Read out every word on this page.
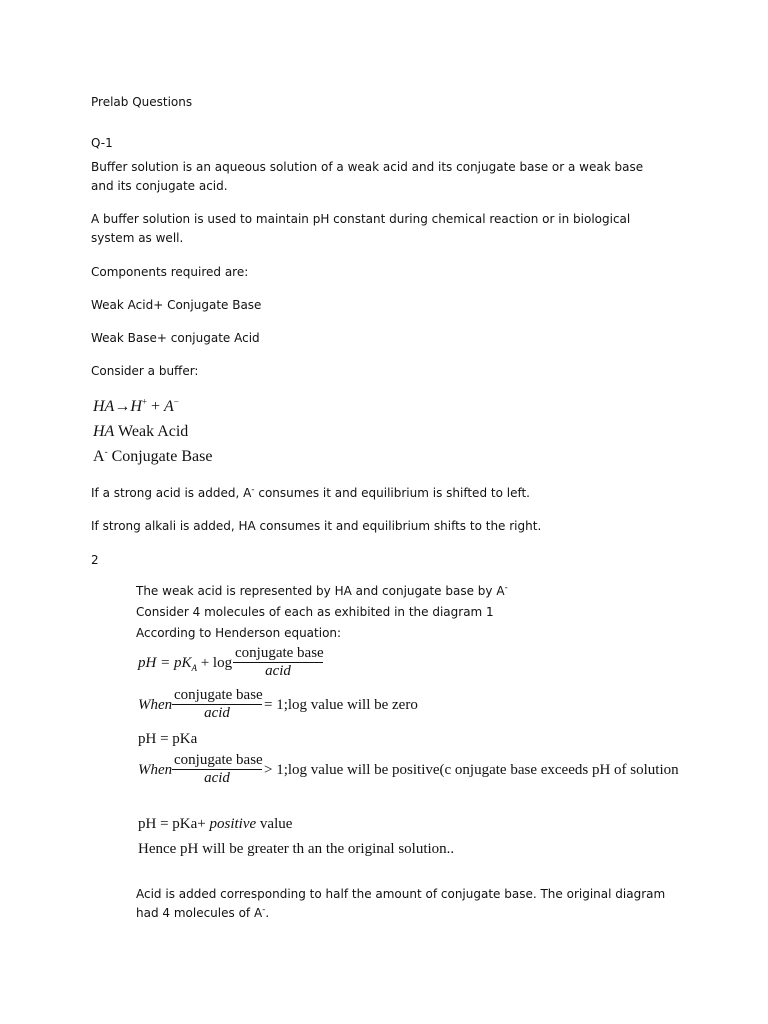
Prelab Questions
Q-1
Buffer solution is an aqueous solution of a weak acid and its conjugate base or a weak base and its conjugate acid.
A buffer solution is used to maintain pH constant during chemical reaction or in biological system as well.
Components required are:
Weak Acid+ Conjugate Base
Weak Base+ conjugate Acid
Consider a buffer:
HA→H+ + A−
HA Weak Acid
A- Conjugate Base
If a strong acid is added, A- consumes it and equilibrium is shifted to left.
If strong alkali is added, HA consumes it and equilibrium shifts to the right.
2
The weak acid is represented by HA and conjugate base by A-
Consider 4 molecules of each as exhibited in the diagram 1
According to Henderson equation:
pH = $pK_A + \log$
conjugate base
acid
When
conjugate base
acid	= 1;log value will be zero
pH = pKa
When
conjugate base
acid	> 1;log value will be positive(c onjugate base exceeds pH of solution
pH = pKa+ positive value
Hence pH will be greater th an the original solution..
Acid is added corresponding to half the amount of conjugate base. The original diagram had 4 molecules of A-.
